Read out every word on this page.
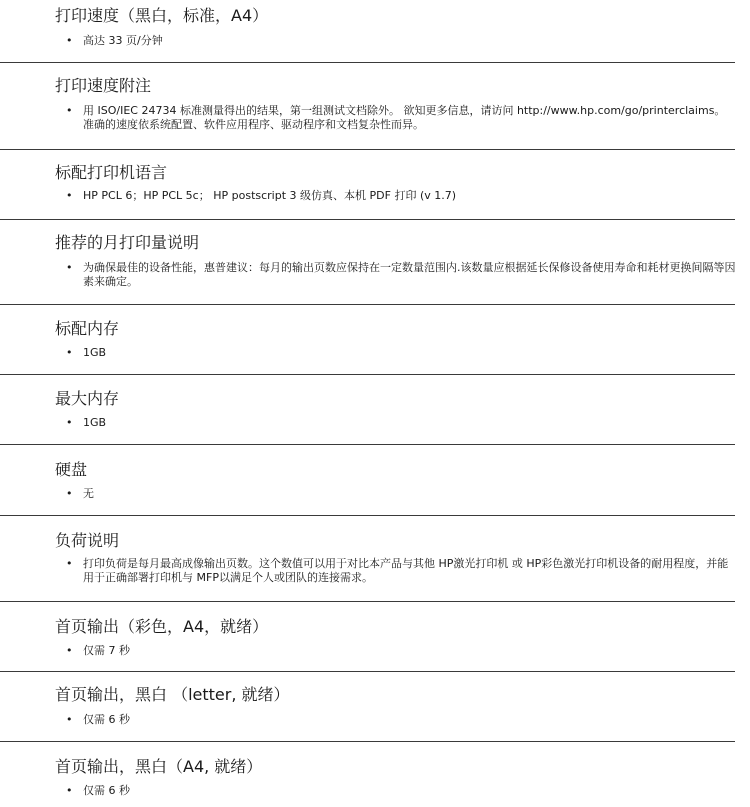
打印速度（黑白，标准，A4）
• 高达 33 页/分钟
打印速度附注
• 用 ISO/IEC 24734 标准测量得出的结果，第一组测试文档除外。 欲知更多信息，请访问 http://www.hp.com/go/printerclaims。 准确的速度依系统配置、软件应用程序、驱动程序和文档复杂性而异。
标配打印机语言
• HP PCL 6；HP PCL 5c； HP postscript 3 级仿真、本机 PDF 打印 (v 1.7)
推荐的月打印量说明
• 为确保最佳的设备性能，惠普建议：每月的输出页数应保持在一定数量范围内.该数量应根据延长保修设备使用寿命和耗材更换间隔等因素来确定。
标配内存
• 1GB
最大内存
• 1GB
硬盘
• 无
负荷说明
• 打印负荷是每月最高成像输出页数。这个数值可以用于对比本产品与其他 HP激光打印机 或 HP彩色激光打印机设备的耐用程度，并能用于正确部署打印机与 MFP以满足个人或团队的连接需求。
首页输出（彩色，A4，就绪）
• 仅需 7 秒
首页输出，黑白 （letter, 就绪）
• 仅需 6 秒
首页输出，黑白（A4, 就绪）
• 仅需 6 秒
